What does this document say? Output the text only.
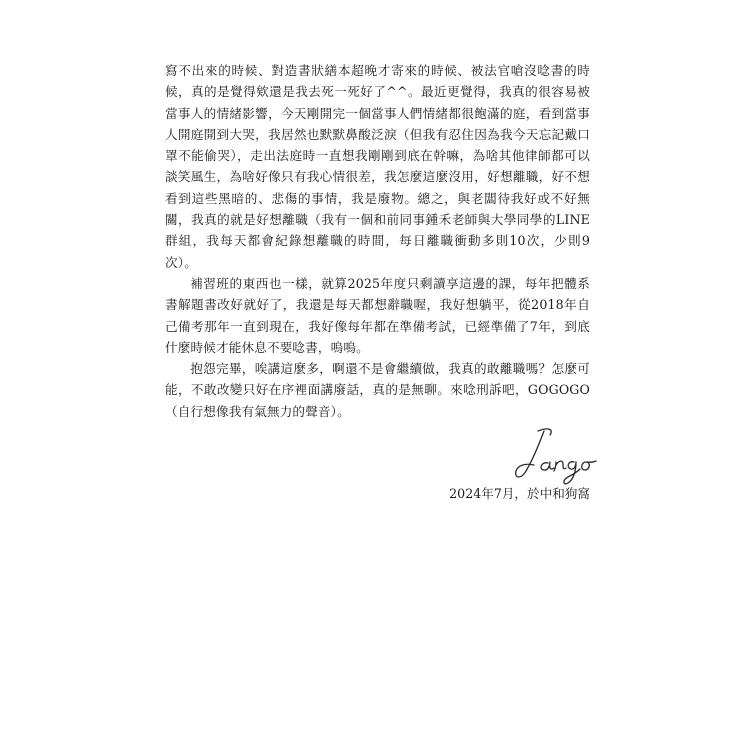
寫不出來的時候、對造書狀繕本超晚才寄來的時候、被法官嗆沒唸書的時候，真的是覺得欸還是我去死一死好了^^。最近更覺得，我真的很容易被當事人的情緒影響，今天剛開完一個當事人們情緒都很飽滿的庭，看到當事人開庭開到大哭，我居然也默默鼻酸泛淚（但我有忍住因為我今天忘記戴口罩不能偷哭），走出法庭時一直想我剛剛到底在幹嘛，為啥其他律師都可以談笑風生，為啥好像只有我心情很差，我怎麼這麼沒用，好想離職，好不想看到這些黑暗的、悲傷的事情，我是廢物。總之，與老闆待我好或不好無關，我真的就是好想離職（我有一個和前同事鍾禾老師與大學同學的LINE群組，我每天都會紀錄想離職的時間，每日離職衝動多則10次，少則9次）。

補習班的東西也一樣，就算2025年度只剩讀享這邊的課，每年把體系書解題書改好就好了，我還是每天都想辭職喔，我好想躺平，從2018年自己備考那年一直到現在，我好像每年都在準備考試，已經準備了7年，到底什麼時候才能休息不要唸書，嗚嗚。

抱怨完畢，唉講這麼多，啊還不是會繼續做，我真的敢離職嗎？怎麼可能，不敢改變只好在序裡面講廢話，真的是無聊。來唸刑訴吧，GOGOGO（自行想像我有氣無力的聲音）。

2024年7月，於中和狗窩
